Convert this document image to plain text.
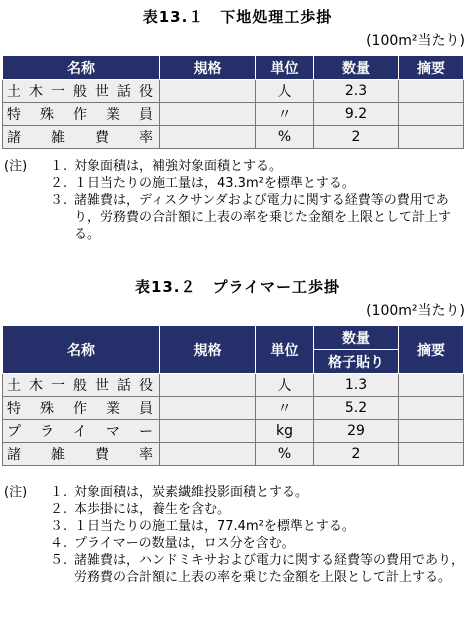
表13.１　下地処理工歩掛
(100m²当たり)
名称	規格	単位	数量	摘要
土木一般世話役		人	2.3	
特殊作業員		〃	9.2	
諸雑費率		%	2	
(注) １. 対象面積は，補強対象面積とする。
２. １日当たりの施工量は，43.3m²を標準とする。
３. 諸雑費は，ディスクサンダおよび電力に関する経費等の費用であり，労務費の合計額に上表の率を乗じた金額を上限として計上する。
表13.２　プライマー工歩掛
(100m²当たり)
名称	規格	単位	数量	摘要
			格子貼り	
土木一般世話役		人	1.3	
特殊作業員		〃	5.2	
プライマー		kg	29	
諸雑費率		%	2	
(注) １. 対象面積は，炭素繊維投影面積とする。
２. 本歩掛には，養生を含む。
３. １日当たりの施工量は，77.4m²を標準とする。
４. プライマーの数量は，ロス分を含む。
５. 諸雑費は，ハンドミキサおよび電力に関する経費等の費用であり，労務費の合計額に上表の率を乗じた金額を上限として計上する。
